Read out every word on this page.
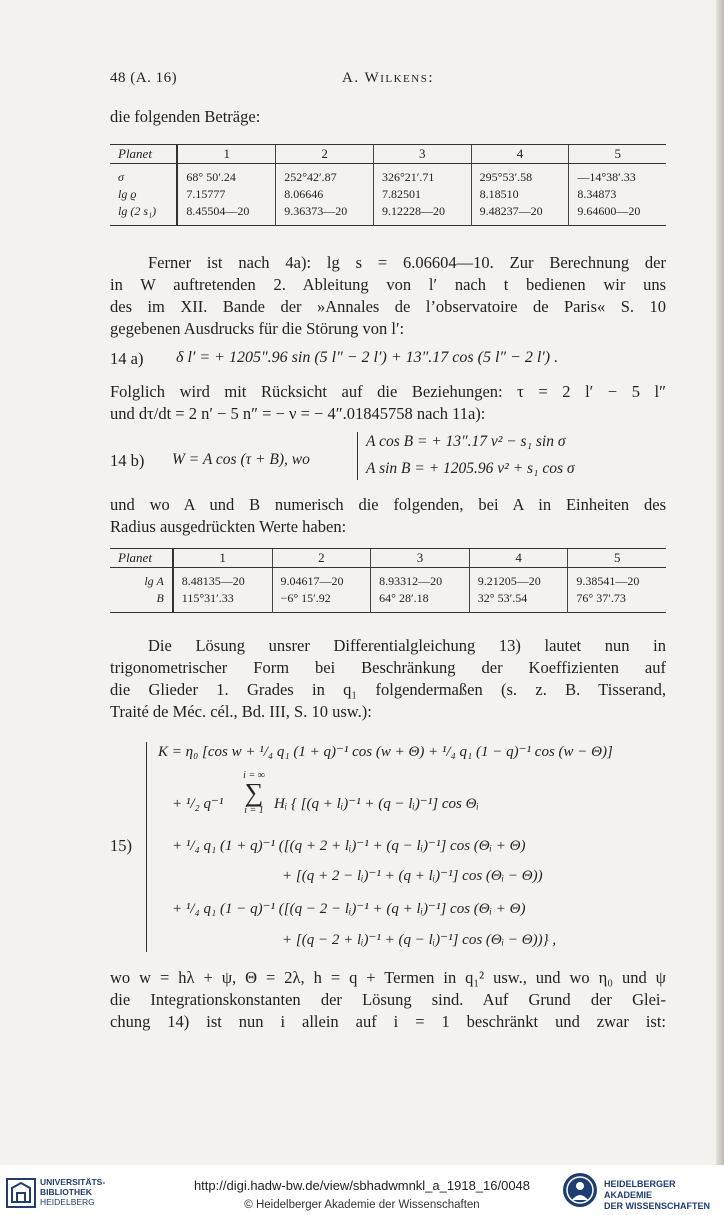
48 (A. 16)	A. Wilkens:
die folgenden Beträge:
Planet	1	2	3	4	5
σ	68° 50′.24	252°42′.87	326°21′.71	295°53′.58	—14°38′.33
lg ϱ	7.15777	8.06646	7.82501	8.18510	8.34873
lg (2 s₁)	8.45504—20	9.36373—20	9.12228—20	9.48237—20	9.64600—20
Ferner ist nach 4a): lg s = 6.06604—10. Zur Berechnung der
in W auftretenden 2. Ableitung von l′ nach t bedienen wir uns
des im XII. Bande der »Annales de l’observatoire de Paris« S. 10
gegebenen Ausdrucks für die Störung von l′:
14 a) δ l′ = + 1205″.96 sin (5 l″ − 2 l′) + 13″.17 cos (5 l″ − 2 l′) .
Folglich wird mit Rücksicht auf die Beziehungen: τ = 2 l′ − 5 l″
und dτ/dt = 2 n′ − 5 n″ = − ν = − 4″.01845758 nach 11a):
14 b) W = A cos (τ + B), wo
A cos B = + 13″.17 ν² − s₁ sin σ
A sin B = + 1205.96 ν² + s₁ cos σ
und wo A und B numerisch die folgenden, bei A in Einheiten des
Radius ausgedrückten Werte haben:
Planet	1	2	3	4	5
lg A	8.48135—20	9.04617—20	8.93312—20	9.21205—20	9.38541—20
B	115°31′.33	−6° 15′.92	64° 28′.18	32° 53′.54	76° 37′.73
Die Lösung unsrer Differentialgleichung 13) lautet nun in
trigonometrischer Form bei Beschränkung der Koeffizienten auf
die Glieder 1. Grades in q₁ folgendermaßen (s. z. B. Tisserand,
Traité de Méc. cél., Bd. III, S. 10 usw.):
15)
K = η₀ [cos w + ¹/₄ q₁ (1 + q)⁻¹ cos (w + Θ) + ¹/₄ q₁ (1 − q)⁻¹ cos (w − Θ)]
+ ¹/₂ q⁻¹
i = ∞
∑
i = 1 Hᵢ { [(q + lᵢ)⁻¹ + (q − lᵢ)⁻¹] cos Θᵢ
+ ¹/₄ q₁ (1 + q)⁻¹ ([(q + 2 + lᵢ)⁻¹ + (q − lᵢ)⁻¹] cos (Θᵢ + Θ)
+ [(q + 2 − lᵢ)⁻¹ + (q + lᵢ)⁻¹] cos (Θᵢ − Θ))
+ ¹/₄ q₁ (1 − q)⁻¹ ([(q − 2 − lᵢ)⁻¹ + (q + lᵢ)⁻¹] cos (Θᵢ + Θ)
+ [(q − 2 + lᵢ)⁻¹ + (q − lᵢ)⁻¹] cos (Θᵢ − Θ))} ,
wo w = hλ + ψ, Θ = 2λ, h = q + Termen in q₁² usw., und wo η₀ und ψ
die Integrationskonstanten der Lösung sind. Auf Grund der Glei-
chung 14) ist nun i allein auf i = 1 beschränkt und zwar ist:
UNIVERSITÄTS-
BIBLIOTHEK
HEIDELBERG
http://digi.hadw-bw.de/view/sbhadwmnkl_a_1918_16/0048
© Heidelberger Akademie der Wissenschaften
HEIDELBERGER AKADEMIE
DER WISSENSCHAFTEN
